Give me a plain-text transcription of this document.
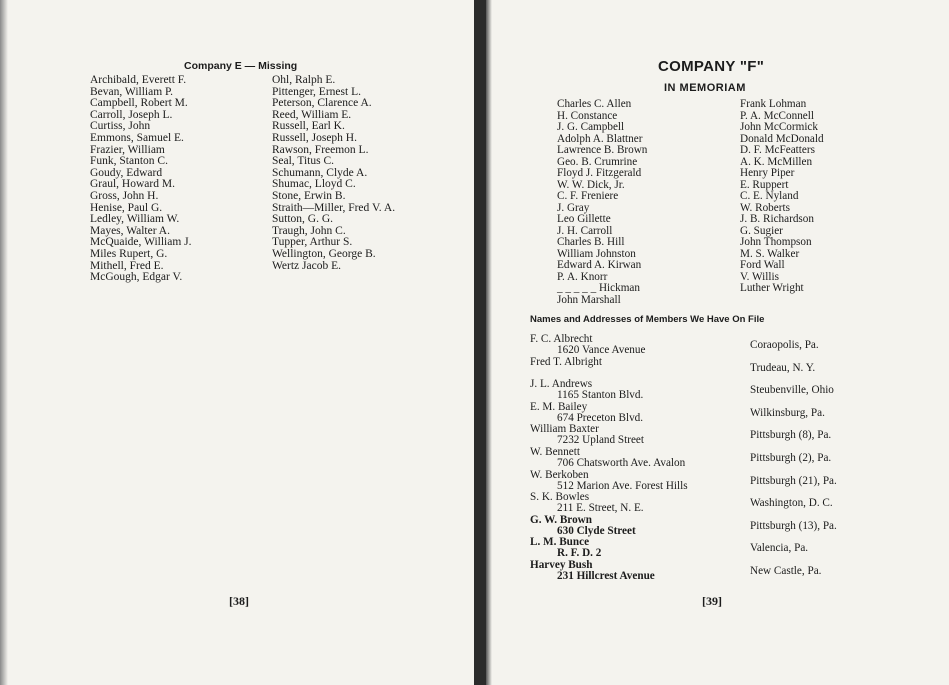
Company E — Missing
Archibald, Everett F.
Bevan, William P.
Campbell, Robert M.
Carroll, Joseph L.
Curtiss, John
Emmons, Samuel E.
Frazier, William
Funk, Stanton C.
Goudy, Edward
Graul, Howard M.
Gross, John H.
Henise, Paul G.
Ledley, William W.
Mayes, Walter A.
McQuaide, William J.
Miles Rupert, G.
Mithell, Fred E.
McGough, Edgar V.
Ohl, Ralph E.
Pittenger, Ernest L.
Peterson, Clarence A.
Reed, William E.
Russell, Earl K.
Russell, Joseph H.
Rawson, Freemon L.
Seal, Titus C.
Schumann, Clyde A.
Shumac, Lloyd C.
Stone, Erwin B.
Straith—Miller, Fred V. A.
Sutton, G. G.
Traugh, John C.
Tupper, Arthur S.
Wellington, George B.
Wertz Jacob E.
[38]
COMPANY "F"
IN MEMORIAM
Charles C. Allen
H. Constance
J. G. Campbell
Adolph A. Blattner
Lawrence B. Brown
Geo. B. Crumrine
Floyd J. Fitzgerald
W. W. Dick, Jr.
C. F. Freniere
J. Gray
Leo Gillette
J. H. Carroll
Charles B. Hill
William Johnston
Edward A. Kirwan
P. A. Knorr
_ _ _ _ _ Hickman
John Marshall
Frank Lohman
P. A. McConnell
John McCormick
Donald McDonald
D. F. McFeatters
A. K. McMillen
Henry Piper
E. Ruppert
C. E. Nyland
W. Roberts
J. B. Richardson
G. Sugier
John Thompson
M. S. Walker
Ford Wall
V. Willis
Luther Wright
Names and Addresses of Members We Have On File
F. C. Albrecht
1620 Vance Avenue	Coraopolis, Pa.
Fred T. Albright	Trudeau, N. Y.
J. L. Andrews
1165 Stanton Blvd.	Steubenville, Ohio
E. M. Bailey
674 Preceton Blvd.	Wilkinsburg, Pa.
William Baxter
7232 Upland Street	Pittsburgh (8), Pa.
W. Bennett
706 Chatsworth Ave. Avalon	Pittsburgh (2), Pa.
W. Berkoben
512 Marion Ave. Forest Hills	Pittsburgh (21), Pa.
S. K. Bowles
211 E. Street, N. E.	Washington, D. C.
G. W. Brown
630 Clyde Street	Pittsburgh (13), Pa.
L. M. Bunce
R. F. D. 2	Valencia, Pa.
Harvey Bush
231 Hillcrest Avenue	New Castle, Pa.
[39]
